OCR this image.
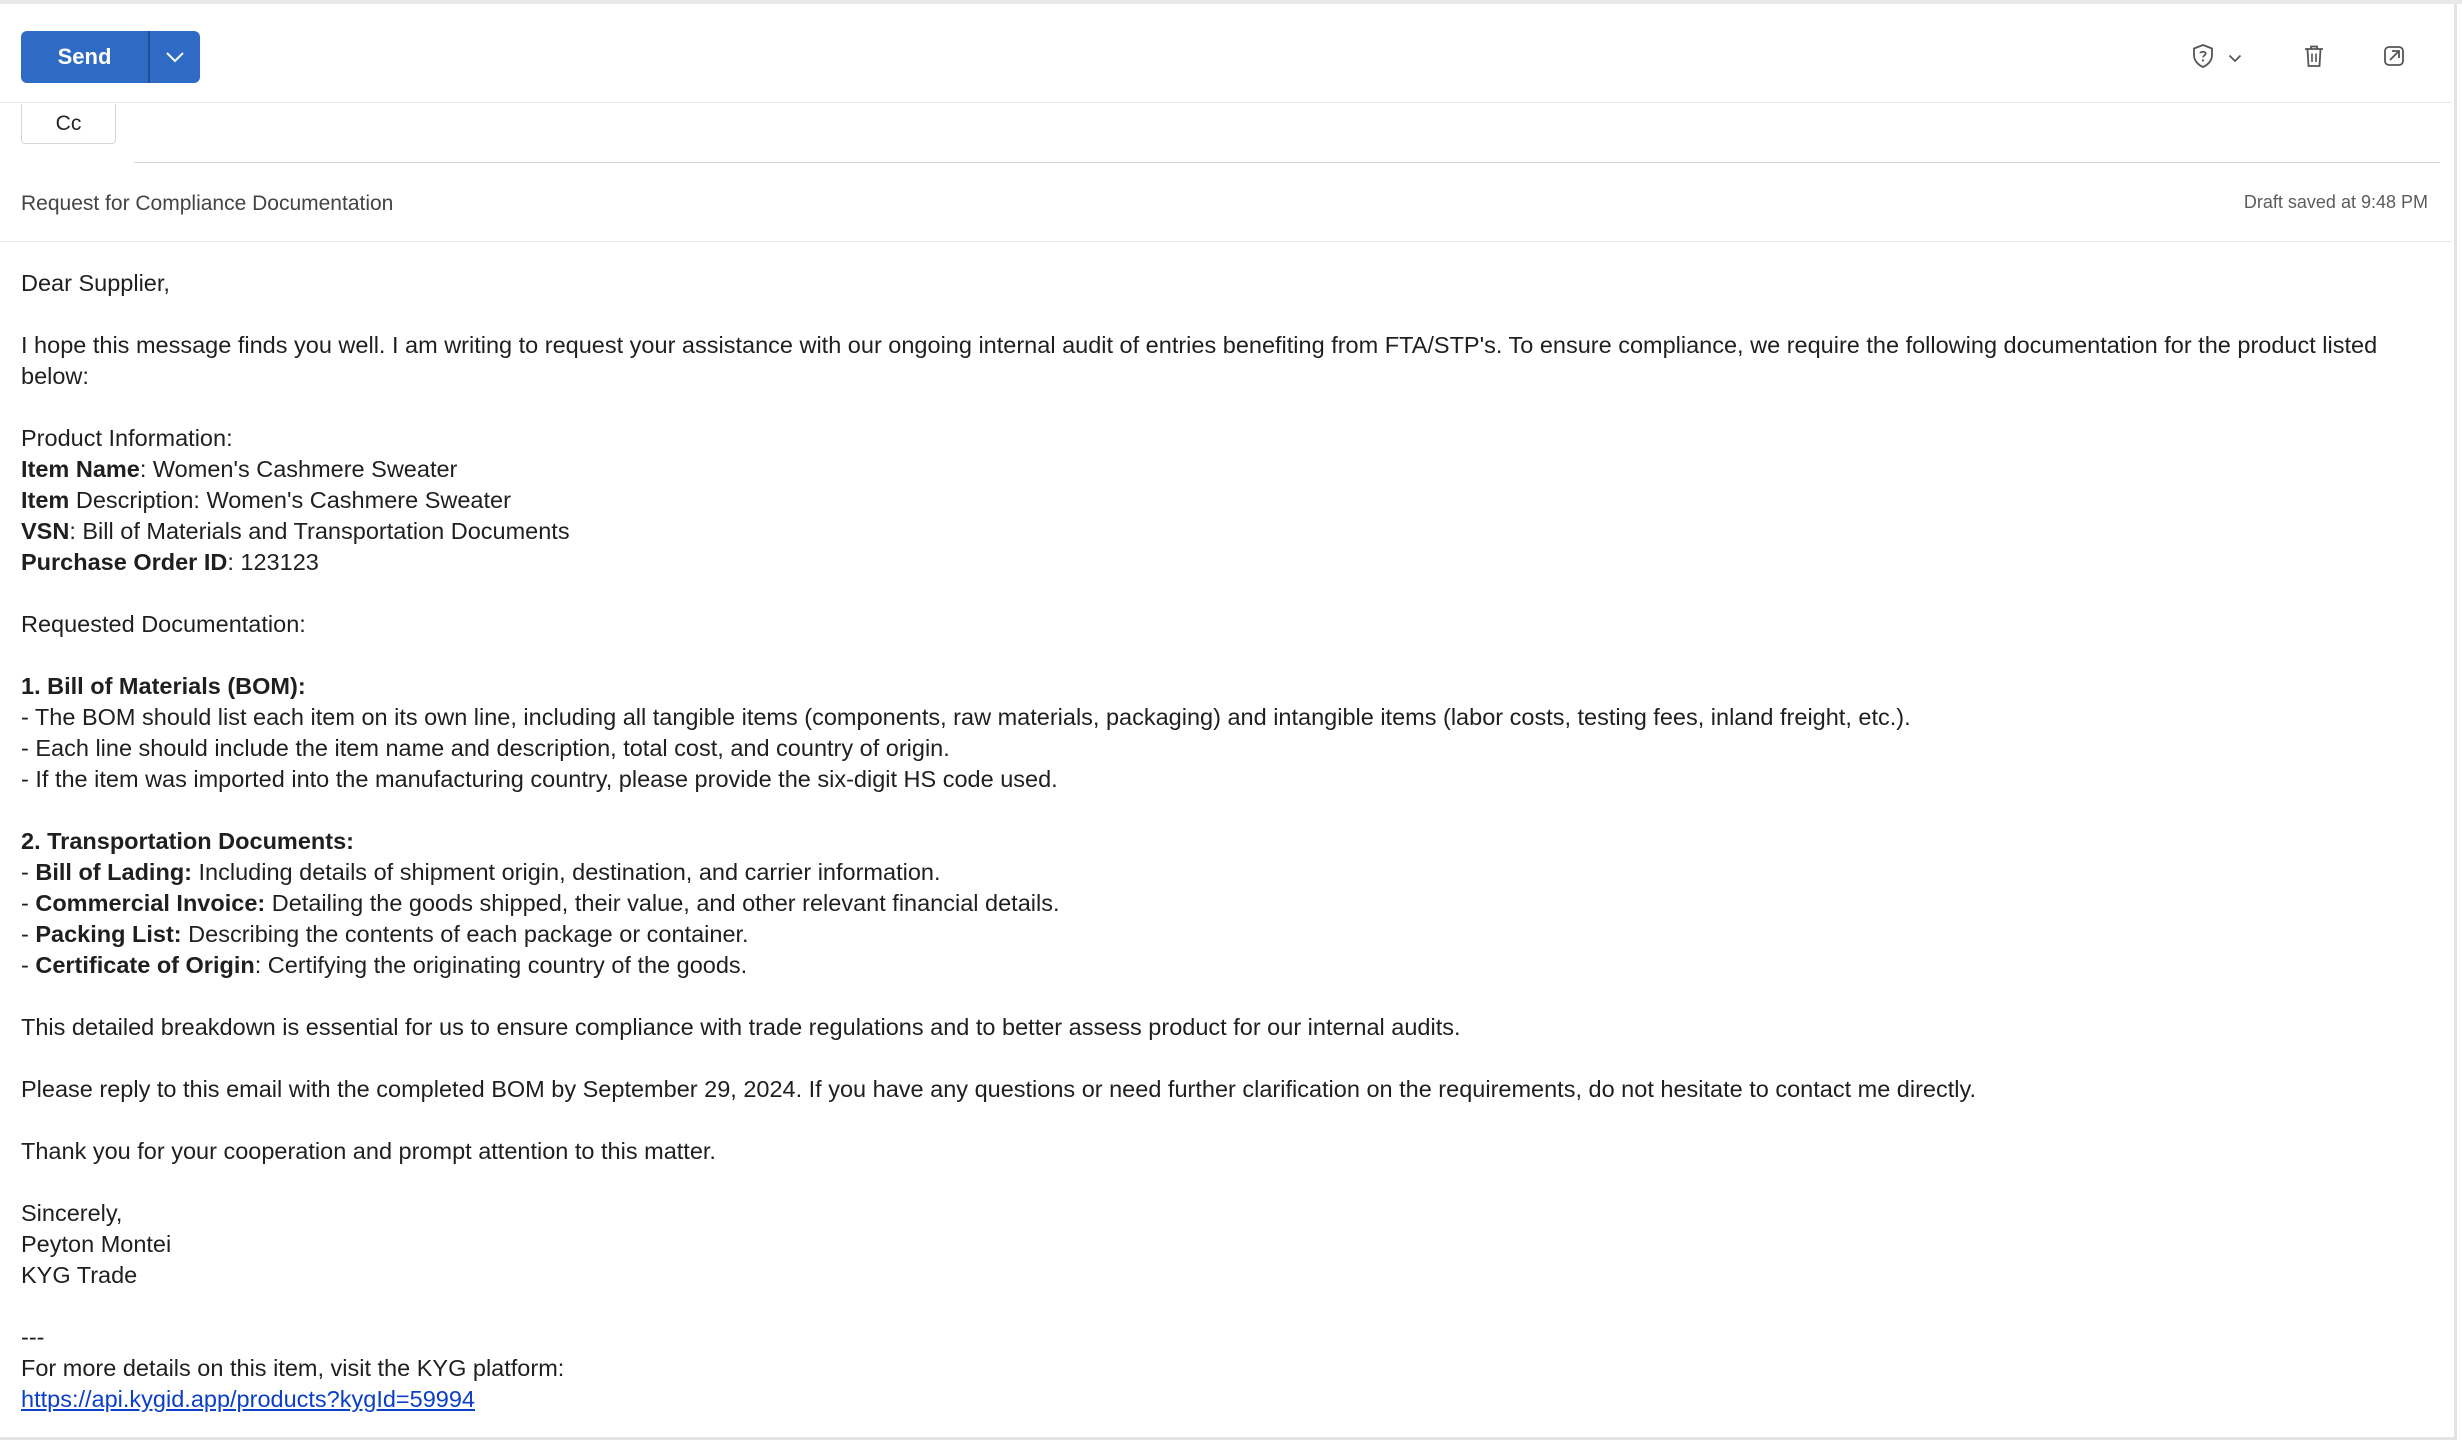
Send
Cc
Request for Compliance Documentation	Draft saved at 9:48 PM

Dear Supplier,

I hope this message finds you well. I am writing to request your assistance with our ongoing internal audit of entries benefiting from FTA/STP's. To ensure compliance, we require the following documentation for the product listed below:

Product Information:

Item Name: Women's Cashmere Sweater

Item Description: Women's Cashmere Sweater

VSN: Bill of Materials and Transportation Documents

Purchase Order ID: 123123

Requested Documentation:

1. Bill of Materials (BOM):

- The BOM should list each item on its own line, including all tangible items (components, raw materials, packaging) and intangible items (labor costs, testing fees, inland freight, etc.).

- Each line should include the item name and description, total cost, and country of origin.

- If the item was imported into the manufacturing country, please provide the six-digit HS code used.

2. Transportation Documents:

- Bill of Lading: Including details of shipment origin, destination, and carrier information.

- Commercial Invoice: Detailing the goods shipped, their value, and other relevant financial details.

- Packing List: Describing the contents of each package or container.

- Certificate of Origin: Certifying the originating country of the goods.

This detailed breakdown is essential for us to ensure compliance with trade regulations and to better assess product for our internal audits.

Please reply to this email with the completed BOM by September 29, 2024. If you have any questions or need further clarification on the requirements, do not hesitate to contact me directly.

Thank you for your cooperation and prompt attention to this matter.

Sincerely,

Peyton Montei

KYG Trade

---

For more details on this item, visit the KYG platform:

https://api.kygid.app/products?kygId=59994
